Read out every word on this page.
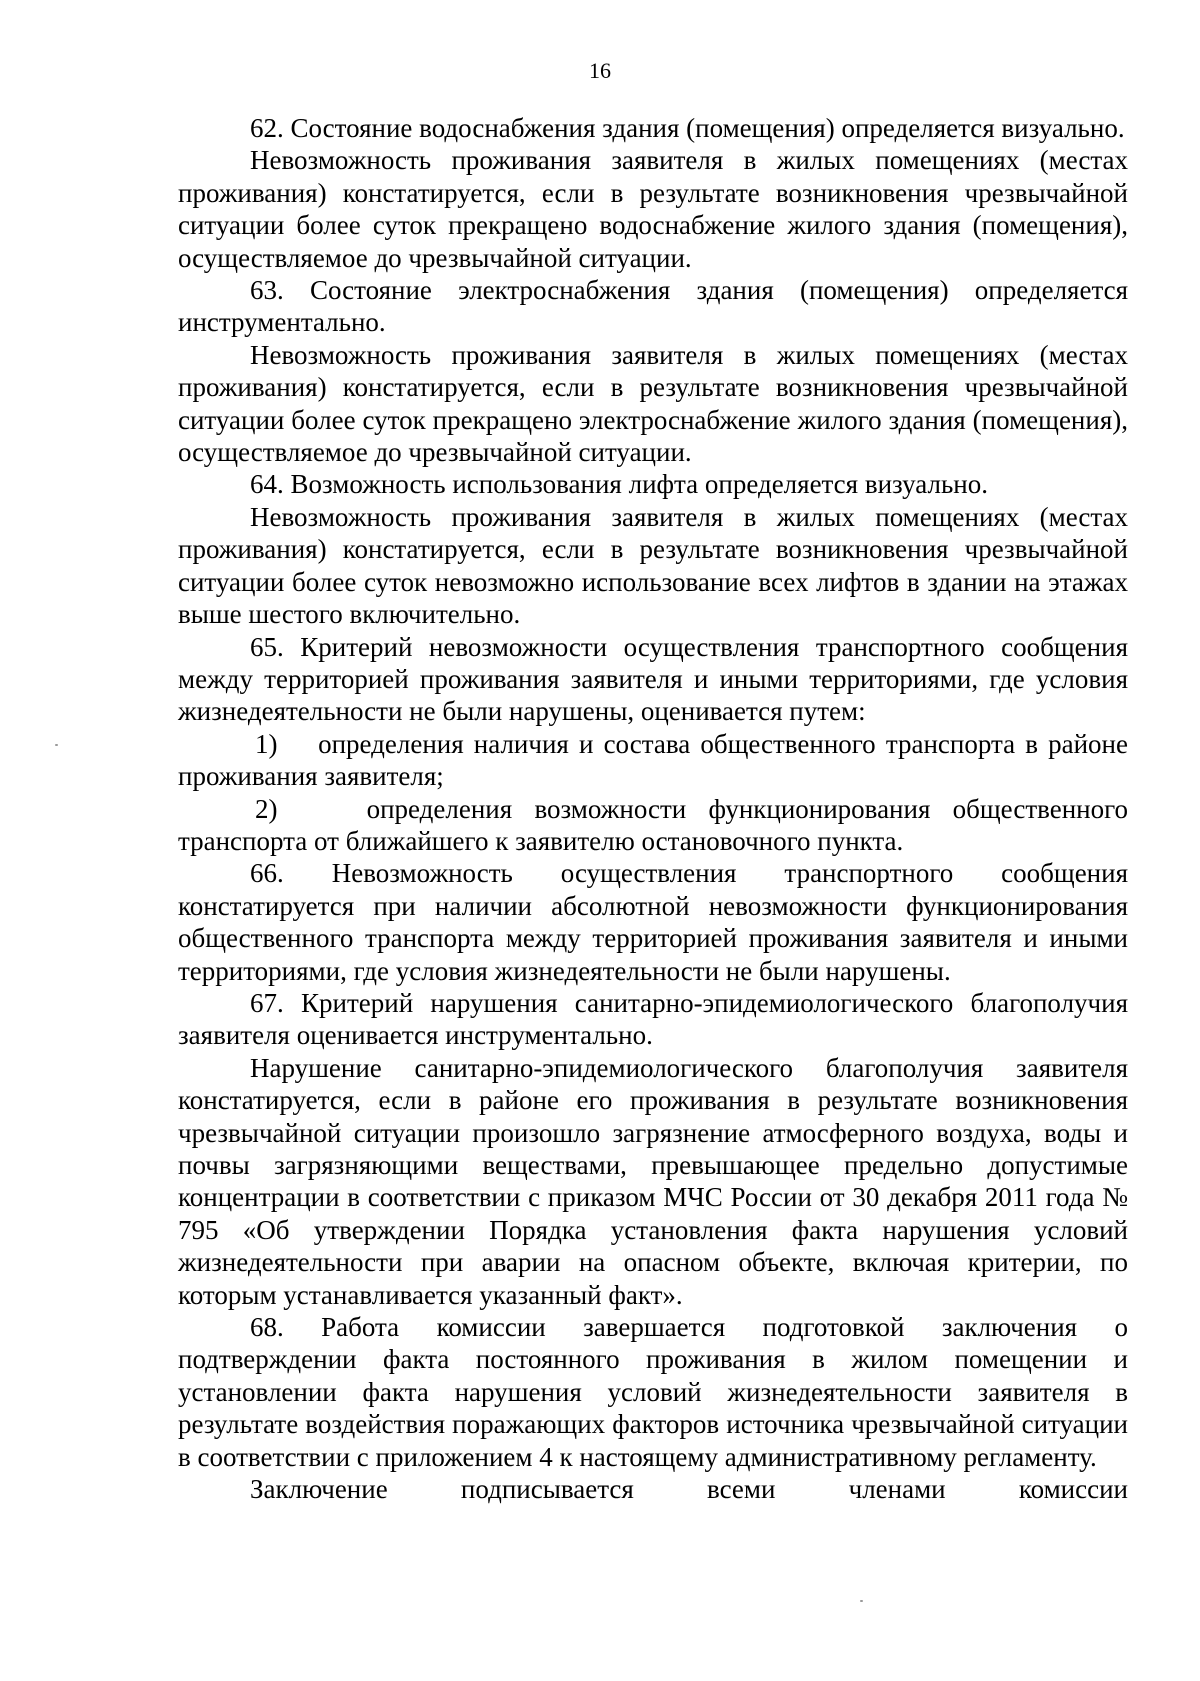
16

62. Состояние водоснабжения здания (помещения) определяется визуально.

Невозможность проживания заявителя в жилых помещениях (местах проживания) констатируется, если в результате возникновения чрезвычайной ситуации более суток прекращено водоснабжение жилого здания (помещения), осуществляемое до чрезвычайной ситуации.

63. Состояние электроснабжения здания (помещения) определяется инструментально.

Невозможность проживания заявителя в жилых помещениях (местах проживания) констатируется, если в результате возникновения чрезвычайной ситуации более суток прекращено электроснабжение жилого здания (помещения), осуществляемое до чрезвычайной ситуации.

64. Возможность использования лифта определяется визуально.

Невозможность проживания заявителя в жилых помещениях (местах проживания) констатируется, если в результате возникновения чрезвычайной ситуации более суток невозможно использование всех лифтов в здании на этажах выше шестого включительно.

65. Критерий невозможности осуществления транспортного сообщения между территорией проживания заявителя и иными территориями, где условия жизнедеятельности не были нарушены, оценивается путем:

1)    определения наличия и состава общественного транспорта в районе проживания заявителя;

2)    определения возможности функционирования общественного транспорта от ближайшего к заявителю остановочного пункта.

66. Невозможность осуществления транспортного сообщения констатируется при наличии абсолютной невозможности функционирования общественного транспорта между территорией проживания заявителя и иными территориями, где условия жизнедеятельности не были нарушены.

67. Критерий нарушения санитарно-эпидемиологического благополучия заявителя оценивается инструментально.

Нарушение санитарно-эпидемиологического благополучия заявителя констатируется, если в районе его проживания в результате возникновения чрезвычайной ситуации произошло загрязнение атмосферного воздуха, воды и почвы загрязняющими веществами, превышающее предельно допустимые концентрации в соответствии с приказом МЧС России от 30 декабря 2011 года № 795 «Об утверждении Порядка установления факта нарушения условий жизнедеятельности при аварии на опасном объекте, включая критерии, по которым устанавливается указанный факт».

68. Работа комиссии завершается подготовкой заключения о подтверждении факта постоянного проживания в жилом помещении и установлении факта нарушения условий жизнедеятельности заявителя в результате воздействия поражающих факторов источника чрезвычайной ситуации в соответствии с приложением 4 к настоящему административному регламенту.

Заключение подписывается всеми членами комиссии
